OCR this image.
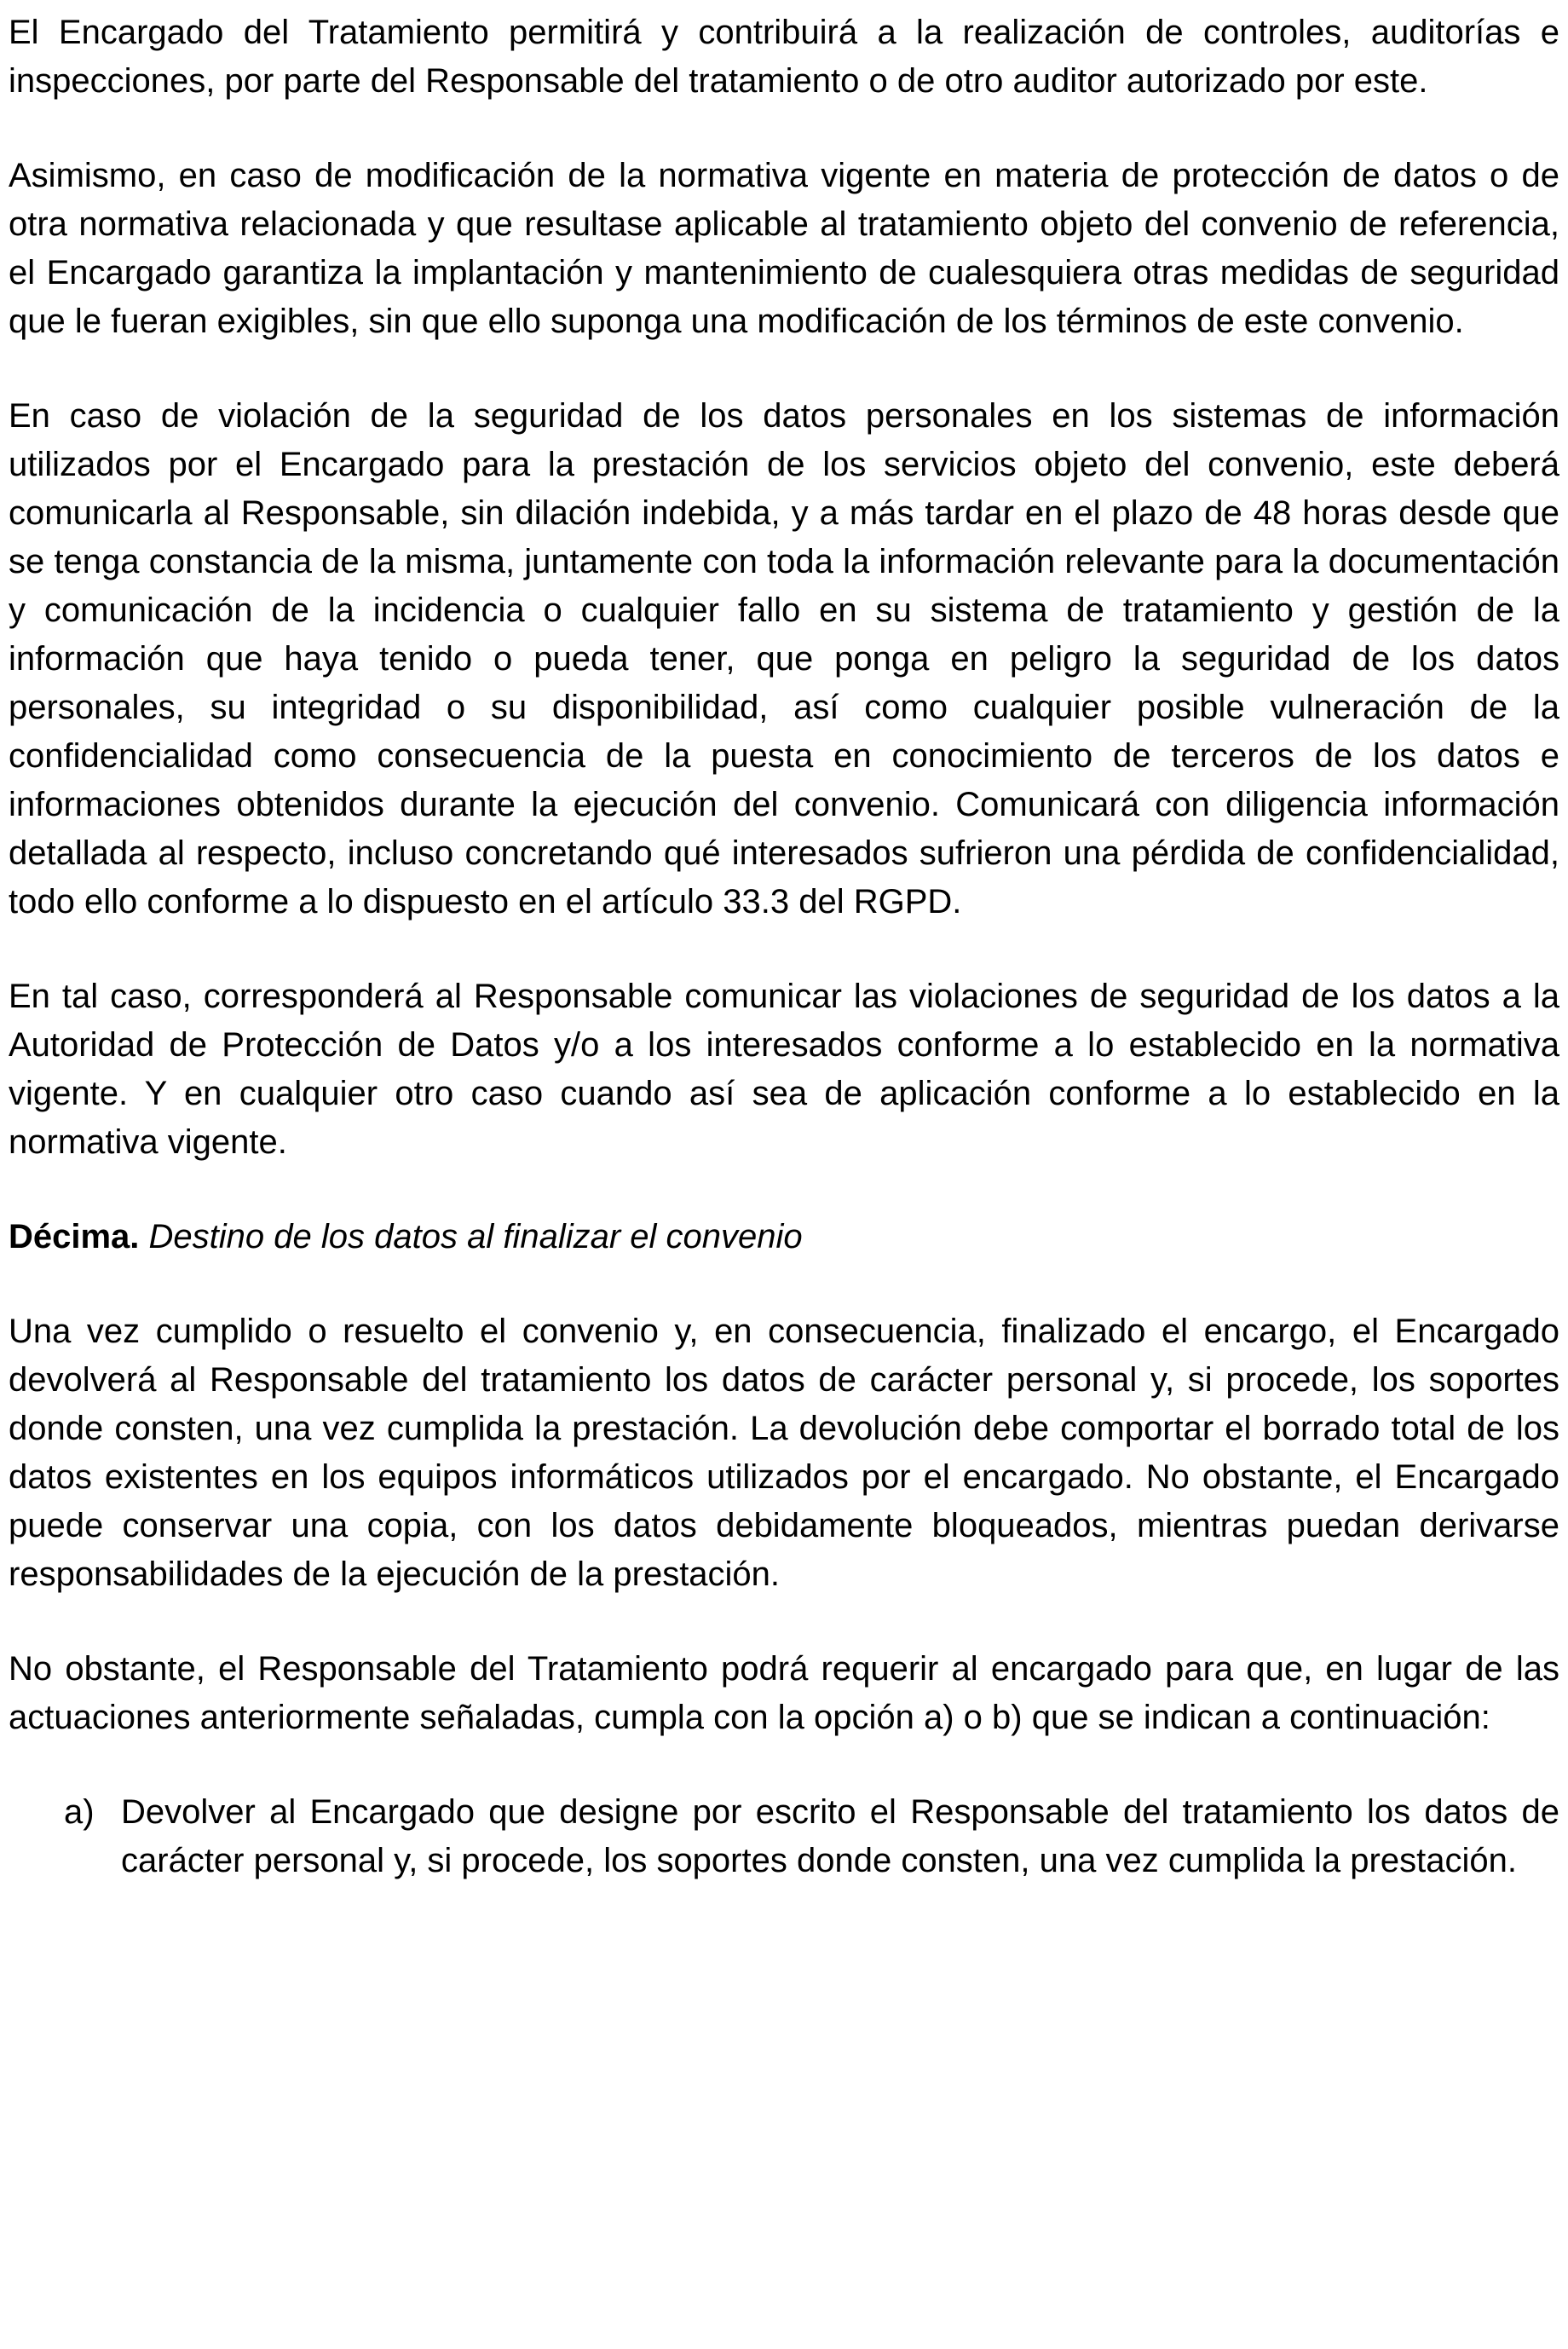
El Encargado del Tratamiento permitirá y contribuirá a la realización de controles, auditorías e inspecciones, por parte del Responsable del tratamiento o de otro auditor autorizado por este.

Asimismo, en caso de modificación de la normativa vigente en materia de protección de datos o de otra normativa relacionada y que resultase aplicable al tratamiento objeto del convenio de referencia, el Encargado garantiza la implantación y mantenimiento de cualesquiera otras medidas de seguridad que le fueran exigibles, sin que ello suponga una modificación de los términos de este convenio.

En caso de violación de la seguridad de los datos personales en los sistemas de información utilizados por el Encargado para la prestación de los servicios objeto del convenio, este deberá comunicarla al Responsable, sin dilación indebida, y a más tardar en el plazo de 48 horas desde que se tenga constancia de la misma, juntamente con toda la información relevante para la documentación y comunicación de la incidencia o cualquier fallo en su sistema de tratamiento y gestión de la información que haya tenido o pueda tener, que ponga en peligro la seguridad de los datos personales, su integridad o su disponibilidad, así como cualquier posible vulneración de la confidencialidad como consecuencia de la puesta en conocimiento de terceros de los datos e informaciones obtenidos durante la ejecución del convenio. Comunicará con diligencia información detallada al respecto, incluso concretando qué interesados sufrieron una pérdida de confidencialidad, todo ello conforme a lo dispuesto en el artículo 33.3 del RGPD.

En tal caso, corresponderá al Responsable comunicar las violaciones de seguridad de los datos a la Autoridad de Protección de Datos y/o a los interesados conforme a lo establecido en la normativa vigente. Y en cualquier otro caso cuando así sea de aplicación conforme a lo establecido en la normativa vigente.

Décima. Destino de los datos al finalizar el convenio

Una vez cumplido o resuelto el convenio y, en consecuencia, finalizado el encargo, el Encargado devolverá al Responsable del tratamiento los datos de carácter personal y, si procede, los soportes donde consten, una vez cumplida la prestación. La devolución debe comportar el borrado total de los datos existentes en los equipos informáticos utilizados por el encargado. No obstante, el Encargado puede conservar una copia, con los datos debidamente bloqueados, mientras puedan derivarse responsabilidades de la ejecución de la prestación.

No obstante, el Responsable del Tratamiento podrá requerir al encargado para que, en lugar de las actuaciones anteriormente señaladas, cumpla con la opción a) o b) que se indican a continuación:

a) Devolver al Encargado que designe por escrito el Responsable del tratamiento los datos de carácter personal y, si procede, los soportes donde consten, una vez cumplida la prestación.
